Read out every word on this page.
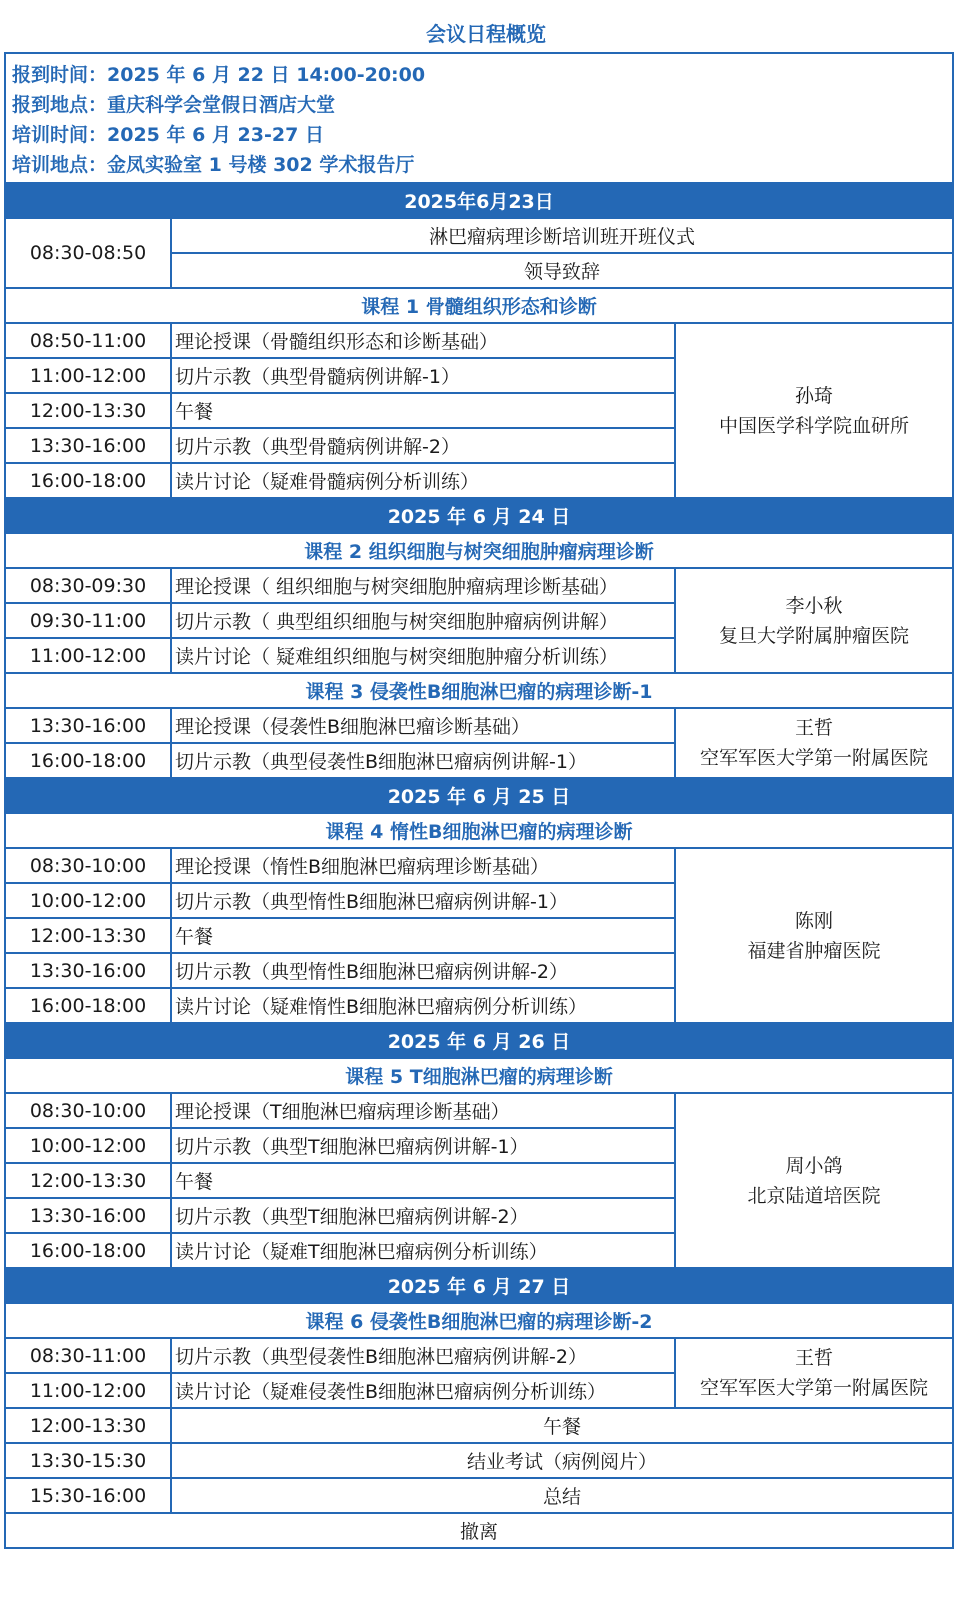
会议日程概览
报到时间：2025 年 6 月 22 日 14:00-20:00
报到地点：重庆科学会堂假日酒店大堂
培训时间：2025 年 6 月 23-27 日
培训地点：金凤实验室 1 号楼 302 学术报告厅		

2025年6月23日		
08:30-08:50	淋巴瘤病理诊断培训班开班仪式	
	领导致辞	
课程 1 骨髓组织形态和诊断		
08:50-11:00	理论授课（骨髓组织形态和诊断基础）	孙琦
中国医学科学院血研所

11:00-12:00	切片示教（典型骨髓病例讲解-1）	
12:00-13:30	午餐	
13:30-16:00	切片示教（典型骨髓病例讲解-2）	
16:00-18:00	读片讨论（疑难骨髓病例分析训练）	
2025 年 6 月 24 日		
课程 2 组织细胞与树突细胞肿瘤病理诊断		
08:30-09:30	理论授课（ 组织细胞与树突细胞肿瘤病理诊断基础）	李小秋
复旦大学附属肿瘤医院

09:30-11:00	切片示教（ 典型组织细胞与树突细胞肿瘤病例讲解）	
11:00-12:00	读片讨论（ 疑难组织细胞与树突细胞肿瘤分析训练）	
课程 3 侵袭性B细胞淋巴瘤的病理诊断-1		
13:30-16:00	理论授课（侵袭性B细胞淋巴瘤诊断基础）	王哲
空军军医大学第一附属医院

16:00-18:00	切片示教（典型侵袭性B细胞淋巴瘤病例讲解-1）	
2025 年 6 月 25 日		
课程 4 惰性B细胞淋巴瘤的病理诊断		
08:30-10:00	理论授课（惰性B细胞淋巴瘤病理诊断基础）	陈刚
福建省肿瘤医院

10:00-12:00	切片示教（典型惰性B细胞淋巴瘤病例讲解-1）	
12:00-13:30	午餐	
13:30-16:00	切片示教（典型惰性B细胞淋巴瘤病例讲解-2）	
16:00-18:00	读片讨论（疑难惰性B细胞淋巴瘤病例分析训练）	
2025 年 6 月 26 日		
课程 5 T细胞淋巴瘤的病理诊断		
08:30-10:00	理论授课（T细胞淋巴瘤病理诊断基础）	周小鸽
北京陆道培医院

10:00-12:00	切片示教（典型T细胞淋巴瘤病例讲解-1）	
12:00-13:30	午餐	
13:30-16:00	切片示教（典型T细胞淋巴瘤病例讲解-2）	
16:00-18:00	读片讨论（疑难T细胞淋巴瘤病例分析训练）	
2025 年 6 月 27 日		
课程 6 侵袭性B细胞淋巴瘤的病理诊断-2		
08:30-11:00	切片示教（典型侵袭性B细胞淋巴瘤病例讲解-2）	王哲
空军军医大学第一附属医院

11:00-12:00	读片讨论（疑难侵袭性B细胞淋巴瘤病例分析训练）	
12:00-13:30	午餐	
13:30-15:30	结业考试（病例阅片）	
15:30-16:00	总结	
撤离		
